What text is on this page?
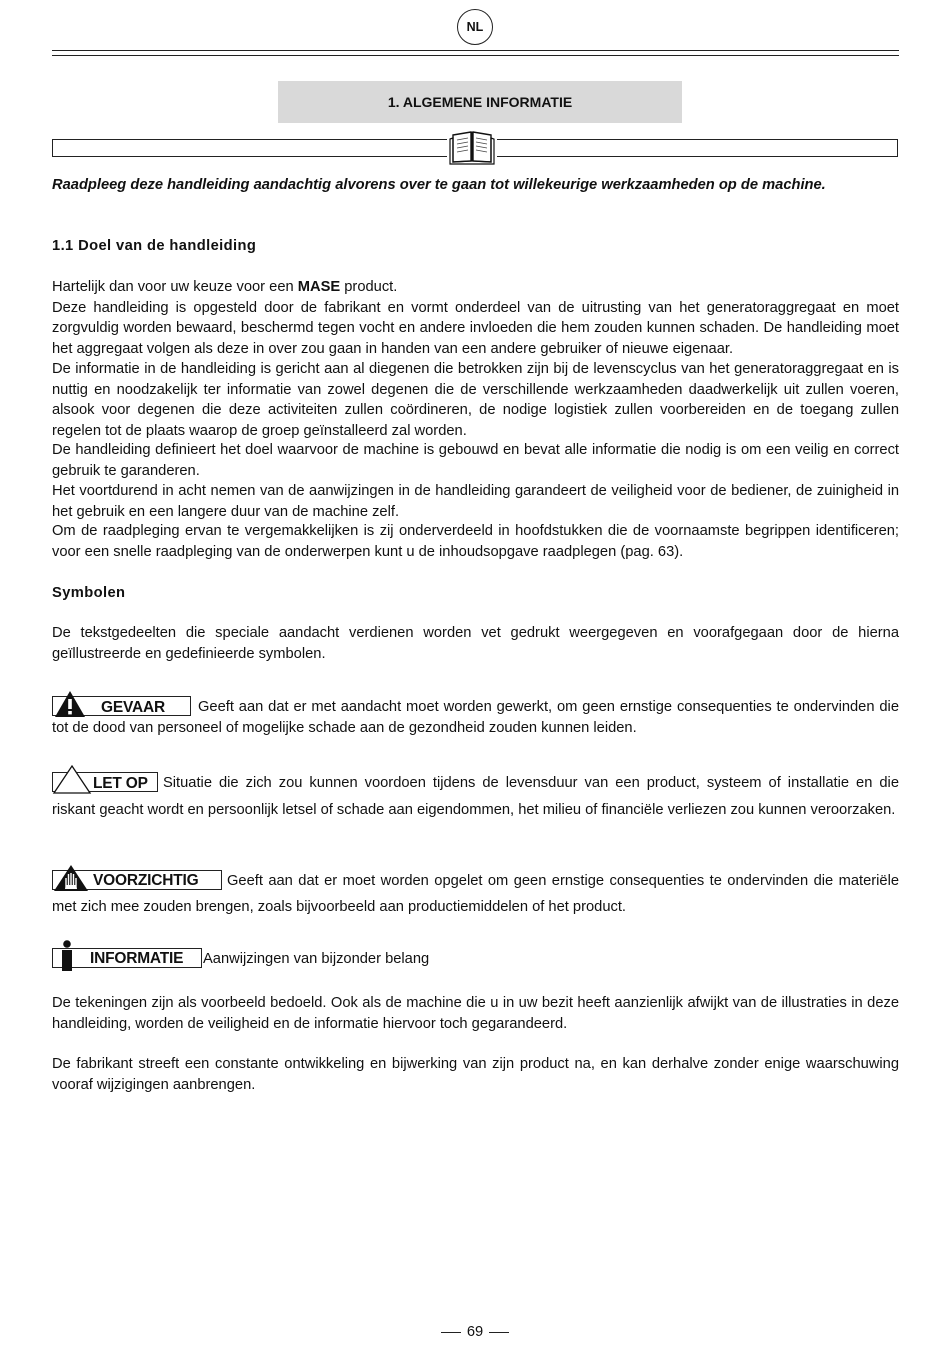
NL
1. ALGEMENE INFORMATIE

Raadpleeg deze handleiding aandachtig alvorens over te gaan tot willekeurige werkzaamheden op de machine.

1.1 Doel van de handleiding

Hartelijk dan voor uw keuze voor een MASE product.

Deze handleiding is opgesteld door de fabrikant en vormt onderdeel van de uitrusting van het generatoraggregaat en moet zorgvuldig worden bewaard, beschermd tegen vocht en andere invloeden die hem zouden kunnen schaden. De handleiding moet het aggregaat volgen als deze in over zou gaan in handen van een andere gebruiker of nieuwe eigenaar.

De informatie in de handleiding is gericht aan al diegenen die betrokken zijn bij de levenscyclus van het generatoraggregaat en is nuttig en noodzakelijk ter informatie van zowel degenen die de verschillende werkzaamheden daadwerkelijk uit zullen voeren, alsook voor degenen die deze activiteiten zullen coördineren, de nodige logistiek zullen voorbereiden en de toegang zullen regelen tot de plaats waarop de groep geïnstalleerd zal worden.

De handleiding definieert het doel waarvoor de machine is gebouwd en bevat alle informatie die nodig is om een veilig en correct gebruik te garanderen.

Het voortdurend in acht nemen van de aanwijzingen in de handleiding garandeert de veiligheid voor de bediener, de zuinigheid in het gebruik en een langere duur van de machine zelf.

Om de raadpleging ervan te vergemakkelijken is zij onderverdeeld in hoofdstukken die de voornaamste begrippen identificeren; voor een snelle raadpleging van de onderwerpen kunt u de inhoudsopgave raadplegen (pag. 63).

Symbolen

De tekstgedeelten die speciale aandacht verdienen worden vet gedrukt weergegeven en voorafgegaan door de hierna geïllustreerde en gedefinieerde symbolen.

GEVAAR	Geeft aan dat er met aandacht moet worden gewerkt, om geen ernstige consequenties te ondervinden die tot de dood van personeel of mogelijke schade aan de gezondheid zouden kunnen leiden.

LET OP	Situatie die zich zou kunnen voordoen tijdens de levensduur van een product, systeem of installatie en die riskant geacht wordt en persoonlijk letsel of schade aan eigendommen, het milieu of financiële verliezen zou kunnen veroorzaken.

VOORZICHTIG	Geeft aan dat er moet worden opgelet om geen ernstige consequenties te ondervinden die materiële met zich mee zouden brengen, zoals bijvoorbeeld aan productiemiddelen of het product.

INFORMATIE Aanwijzingen van bijzonder belang

De tekeningen zijn als voorbeeld bedoeld. Ook als de machine die u in uw bezit heeft aanzienlijk afwijkt van de illustraties in deze handleiding, worden de veiligheid en de informatie hiervoor toch gegarandeerd.

De fabrikant streeft een constante ontwikkeling en bijwerking van zijn product na, en kan derhalve zonder enige waarschuwing vooraf wijzigingen aanbrengen.

69
